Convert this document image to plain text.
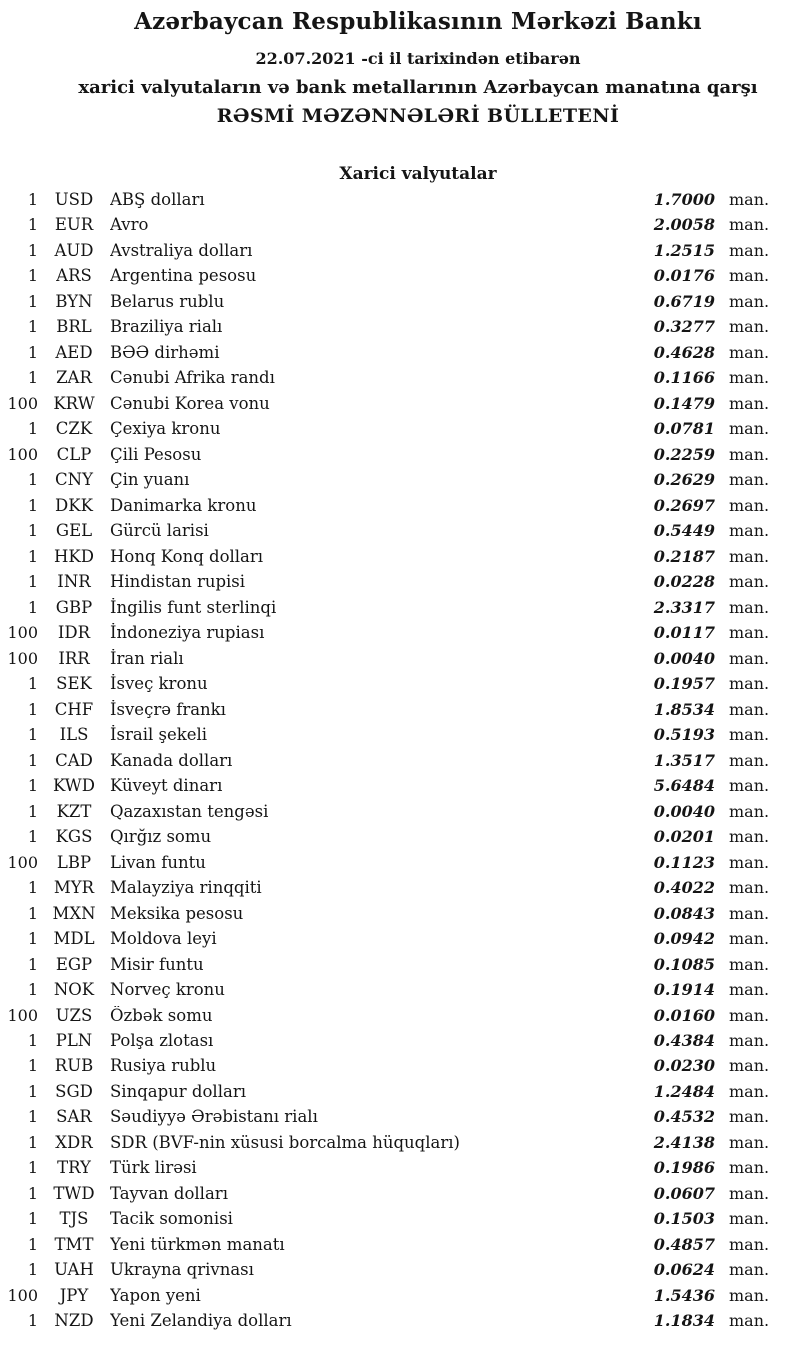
Azərbaycan Respublikasının Mərkəzi Bankı
22.07.2021 -ci il tarixindən etibarən
xarici valyutaların və bank metallarının Azərbaycan manatına qarşı
RƏSMİ MƏZƏNNƏLƏRİ BÜLLETENİ
Xarici valyutalar
1	USD	ABŞ dolları	1.7000 man.
1	EUR	Avro	2.0058 man.
1 AUD Avstraliya dolları	1.2515 man.
1	ARS	Argentina pesosu	0.0176 man.
1	BYN	Belarus rublu	0.6719 man.
1	BRL	Braziliya rialı	0.3277 man.
1	AED	BƏƏ dirhəmi	0.4628 man.
1	ZAR	Cənubi Afrika randı	0.1166 man.
100 KRW Cənubi Korea vonu	0.1479 man.
1	CZK	Çexiya kronu	0.0781 man.
100	CLP	Çili Pesosu	0.2259 man.
1	CNY	Çin yuanı	0.2629 man.
1	DKK	Danimarka kronu	0.2697 man.
1	GEL	Gürcü larisi	0.5449 man.
1 HKD Honq Konq dolları	0.2187 man.
1	INR	Hindistan rupisi	0.0228 man.
1	GBP	İngilis funt sterlinqi	2.3317 man.
100	IDR	İndoneziya rupiası	0.0117 man.
100	IRR	İran rialı	0.0040 man.
1	SEK	İsveç kronu	0.1957 man.
1	CHF	İsveçrə frankı	1.8534 man.
1	ILS	İsrail şekeli	0.5193 man.
1	CAD	Kanada dolları	1.3517 man.
1 KWD Küveyt dinarı	5.6484 man.
1	KZT	Qazaxıstan tengəsi	0.0040 man.
1	KGS	Qırğız somu	0.0201 man.
100	LBP	Livan funtu	0.1123 man.
1 MYR Malayziya rinqqiti	0.4022 man.
1 MXN Meksika pesosu	0.0843 man.
1 MDL Moldova leyi	0.0942 man.
1	EGP	Misir funtu	0.1085 man.
1 NOK Norveç kronu	0.1914 man.
100	UZS	Özbək somu	0.0160 man.
1	PLN	Polşa zlotası	0.4384 man.
1	RUB	Rusiya rublu	0.0230 man.
1	SGD	Sinqapur dolları	1.2484 man.
1	SAR	Səudiyyə Ərəbistanı rialı	0.4532 man.
1	XDR	SDR (BVF-nin xüsusi borcalma hüquqları)	2.4138 man.
1	TRY	Türk lirəsi	0.1986 man.
1 TWD Tayvan dolları	0.0607 man.
1	TJS	Tacik somonisi	0.1503 man.
1	TMT	Yeni türkmən manatı	0.4857 man.
1 UAH Ukrayna qrivnası	0.0624 man.
100	JPY	Yapon yeni	1.5436 man.
1 NZD Yeni Zelandiya dolları	1.1834 man.
